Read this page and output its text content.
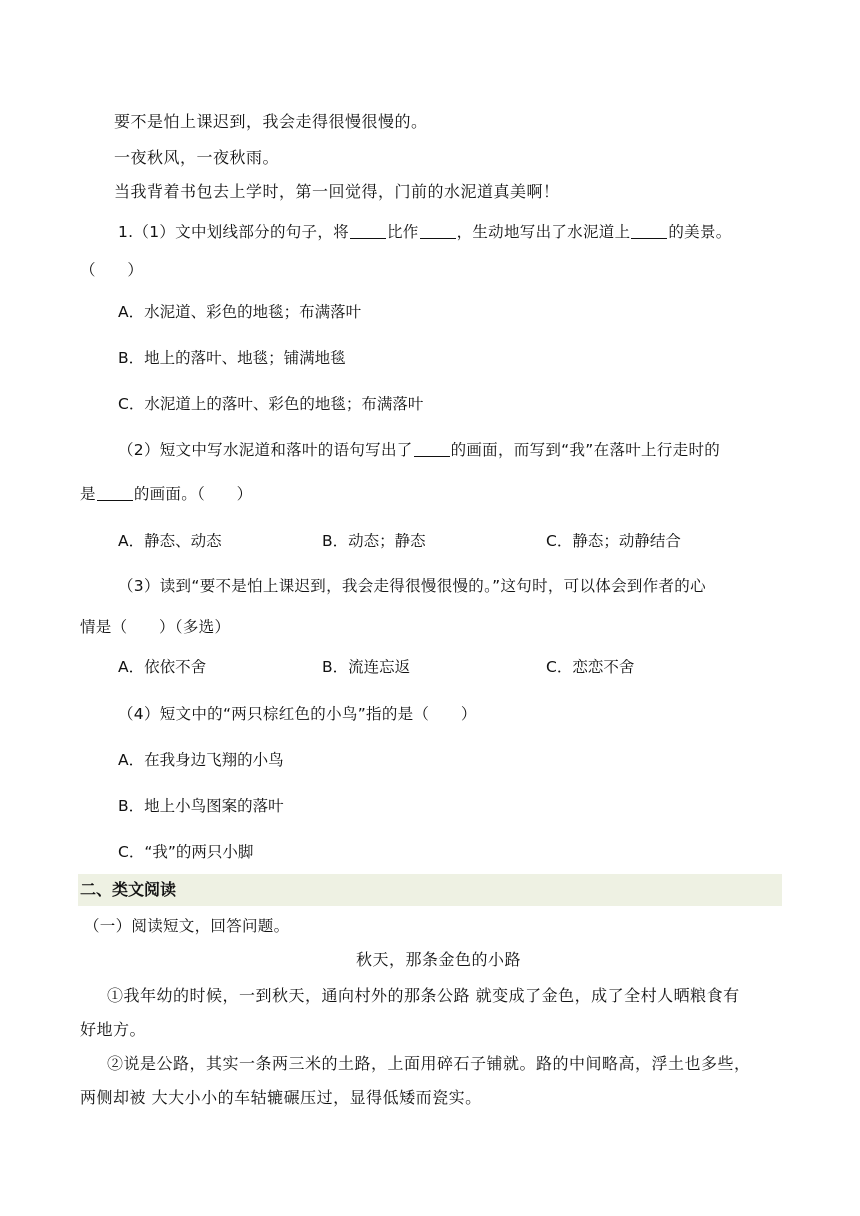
要不是怕上课迟到，我会走得很慢很慢的。
一夜秋风，一夜秋雨。
当我背着书包去上学时，第一回觉得，门前的水泥道真美啊！
1.（1）文中划线部分的句子，将 比作 ，生动地写出了水泥道上 的美景。
（　　）
A．水泥道、彩色的地毯；布满落叶
B．地上的落叶、地毯；铺满地毯
C．水泥道上的落叶、彩色的地毯；布满落叶
（2）短文中写水泥道和落叶的语句写出了 的画面，而写到“我”在落叶上行走时的
是 的画面。（　　）
A．静态、动态	B．动态；静态	C．静态；动静结合
（3）读到“要不是怕上课迟到，我会走得很慢很慢的。”这句时，可以体会到作者的心
情是（　　）（多选）
A．依依不舍	B．流连忘返	C．恋恋不舍
（4）短文中的“两只棕红色的小鸟”指的是（　　）
A．在我身边飞翔的小鸟
B．地上小鸟图案的落叶
C．“我”的两只小脚
二、类文阅读
（一）阅读短文，回答问题。
秋天，那条金色的小路
①我年幼的时候，一到秋天，通向村外的那条公路 就变成了金色，成了全村人晒粮食有
好地方。
②说是公路，其实一条两三米的土路，上面用碎石子铺就。路的中间略高，浮土也多些，
两侧却被 大大小小的车轱辘碾压过，显得低矮而瓷实。
